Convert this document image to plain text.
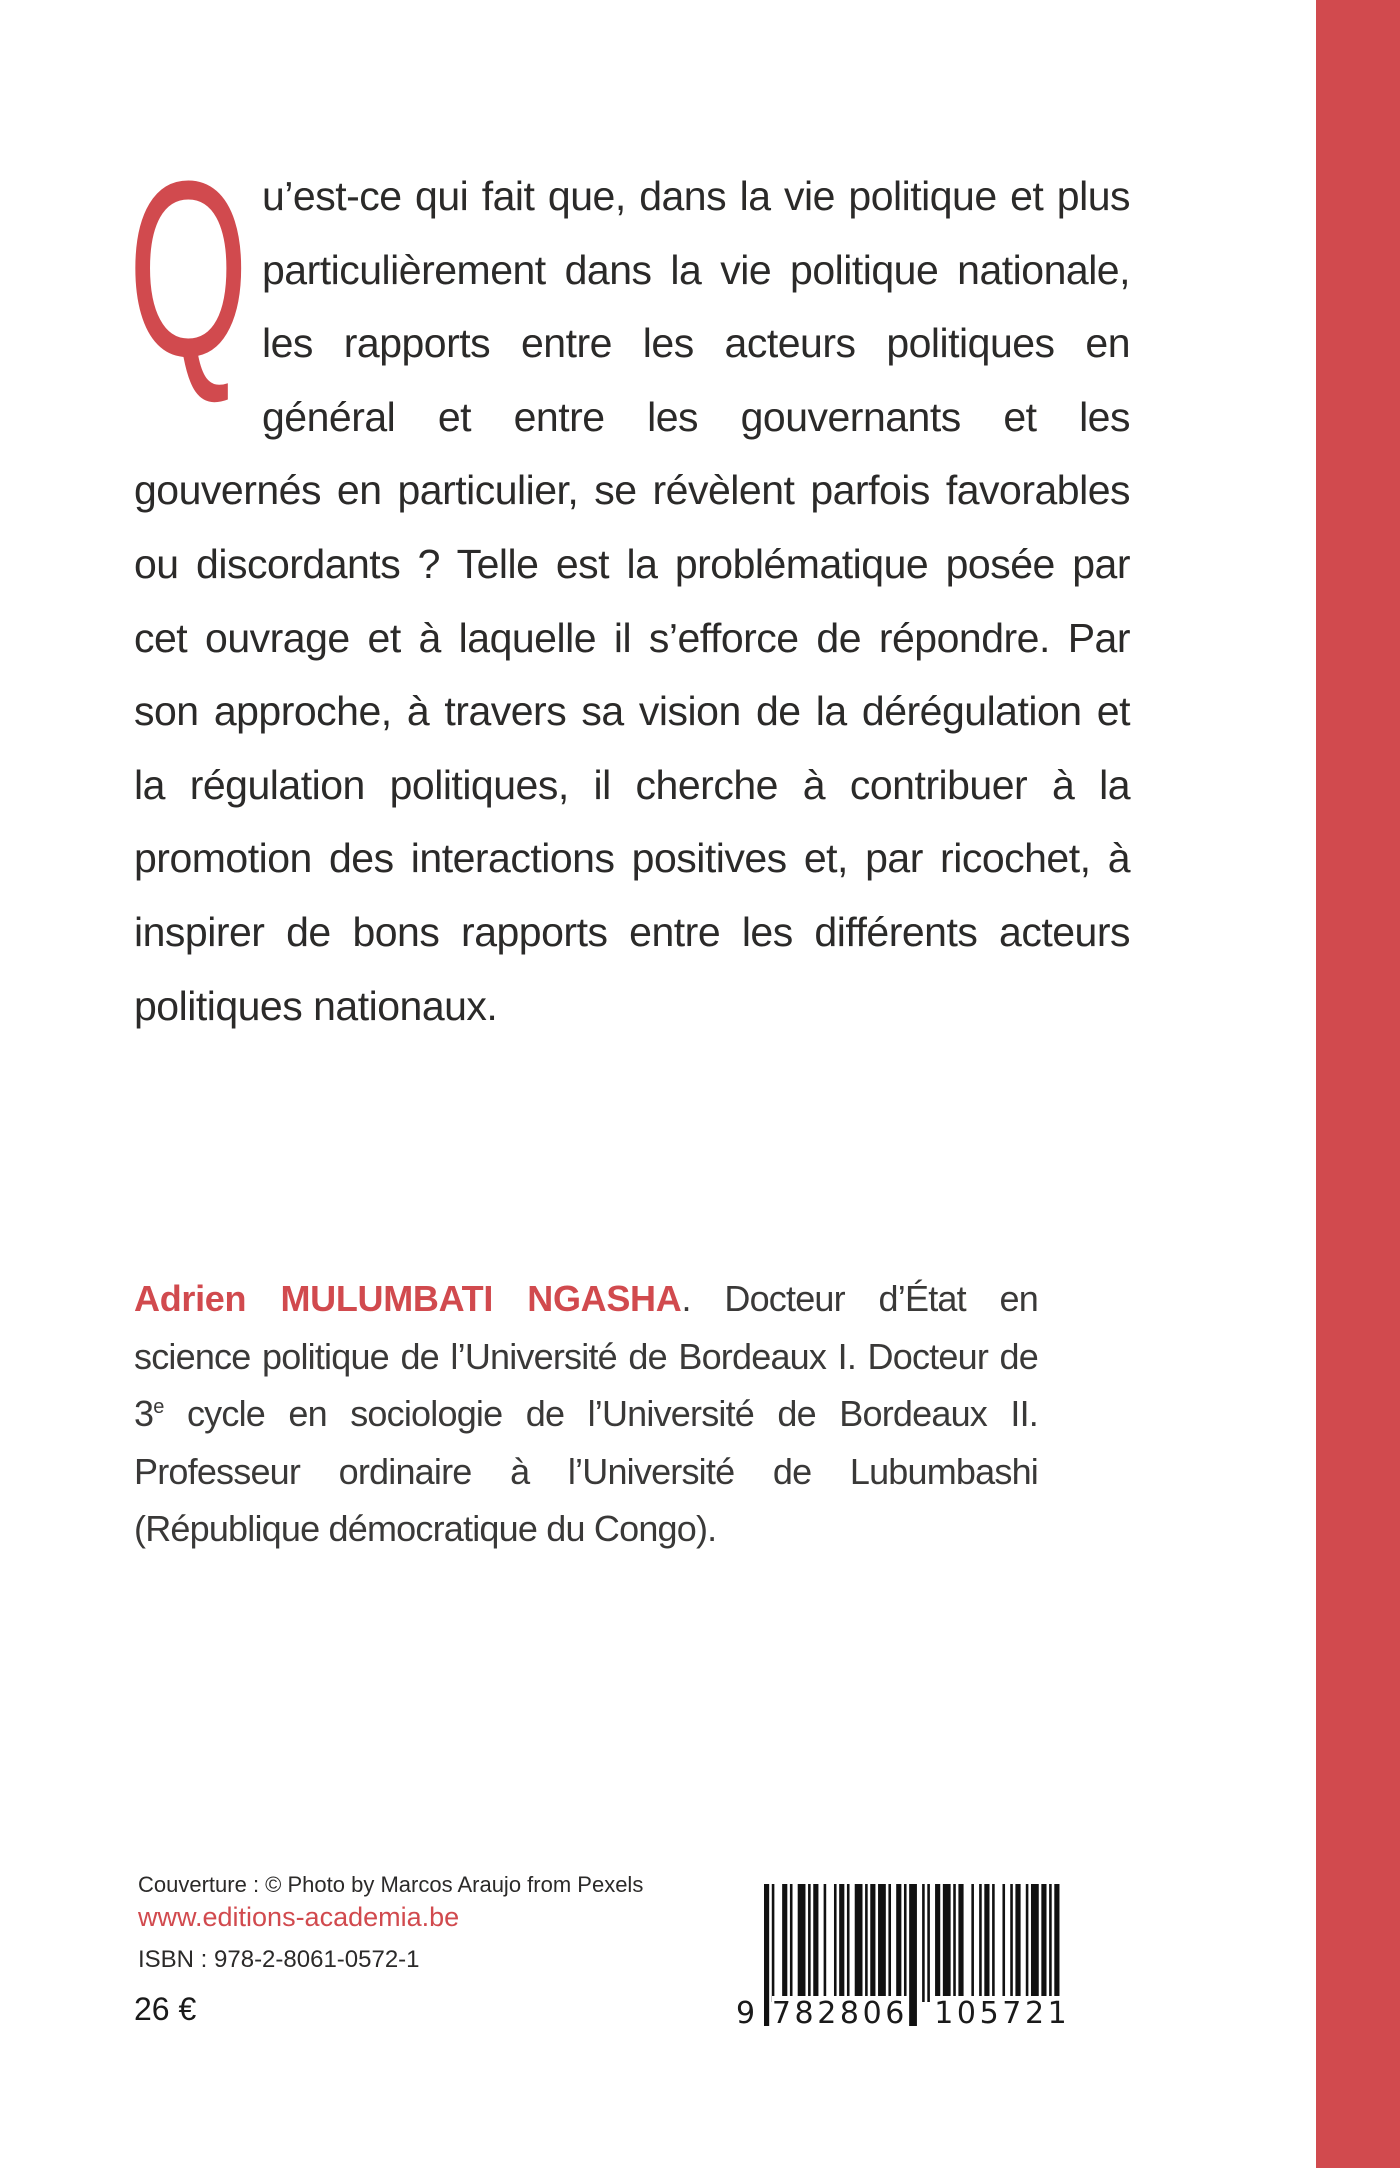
Qu’est-ce qui fait que, dans la vie politique et plus particulièrement dans la vie politique nationale, les rapports entre les acteurs politiques en général et entre les gouvernants et les gouvernés en particulier, se révèlent parfois favorables ou discordants ? Telle est la problématique posée par cet ouvrage et à laquelle il s’efforce de répondre. Par son approche, à travers sa vision de la dérégulation et la régulation politiques, il cherche à contribuer à la promotion des interactions positives et, par ricochet, à inspirer de bons rapports entre les différents acteurs politiques nationaux.

Adrien MULUMBATI NGASHA. Docteur d’État en science politique de l’Université de Bordeaux I. Docteur de 3e cycle en sociologie de l’Université de Bordeaux II. Professeur ordinaire à l’Université de Lubumbashi (République démocratique du Congo).

Couverture : © Photo by Marcos Araujo from Pexels
www.editions-academia.be
ISBN : 978-2-8061-0572-1
26 €	9 782806 105721
